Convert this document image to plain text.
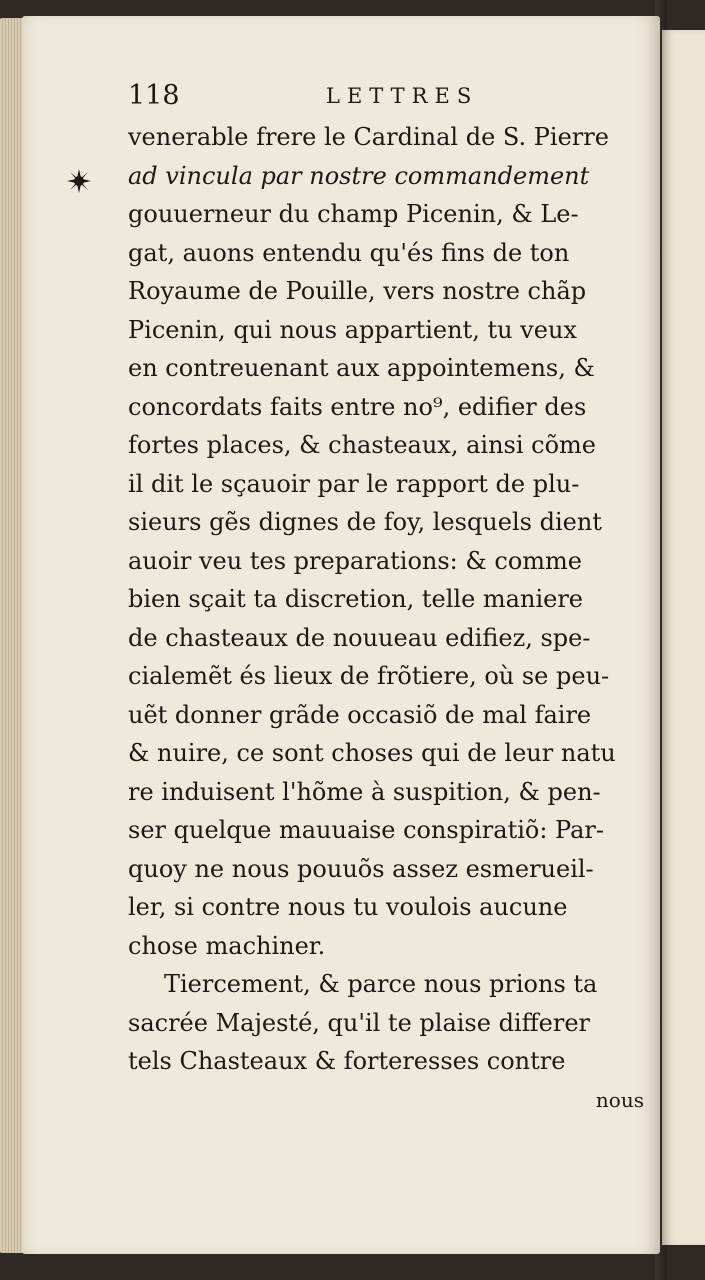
118	LETTRES
venerable frere le Cardinal de S. Pierre
ad vincula par nostre commandement
gouuerneur du champ Picenin, & Le-
gat, auons entendu qu'és fins de ton
Royaume de Pouille, vers nostre chãp
Picenin, qui nous appartient, tu veux
en contreuenant aux appointemens, &
concordats faits entre no⁹, edifier des
fortes places, & chasteaux, ainsi cõme
il dit le sçauoir par le rapport de plu-
sieurs gẽs dignes de foy, lesquels dient
auoir veu tes preparations: & comme
bien sçait ta discretion, telle maniere
de chasteaux de nouueau edifiez, spe-
cialemẽt és lieux de frõtiere, où se peu-
uẽt donner grãde occasiõ de mal faire
& nuire, ce sont choses qui de leur natu
re induisent l'hõme à suspition, & pen-
ser quelque mauuaise conspiratiõ: Par-
quoy ne nous pouuõs assez esmerueil-
ler, si contre nous tu voulois aucune
chose machiner.
Tiercement, & parce nous prions ta
sacrée Majesté, qu'il te plaise differer
tels Chasteaux & forteresses contre
nous
